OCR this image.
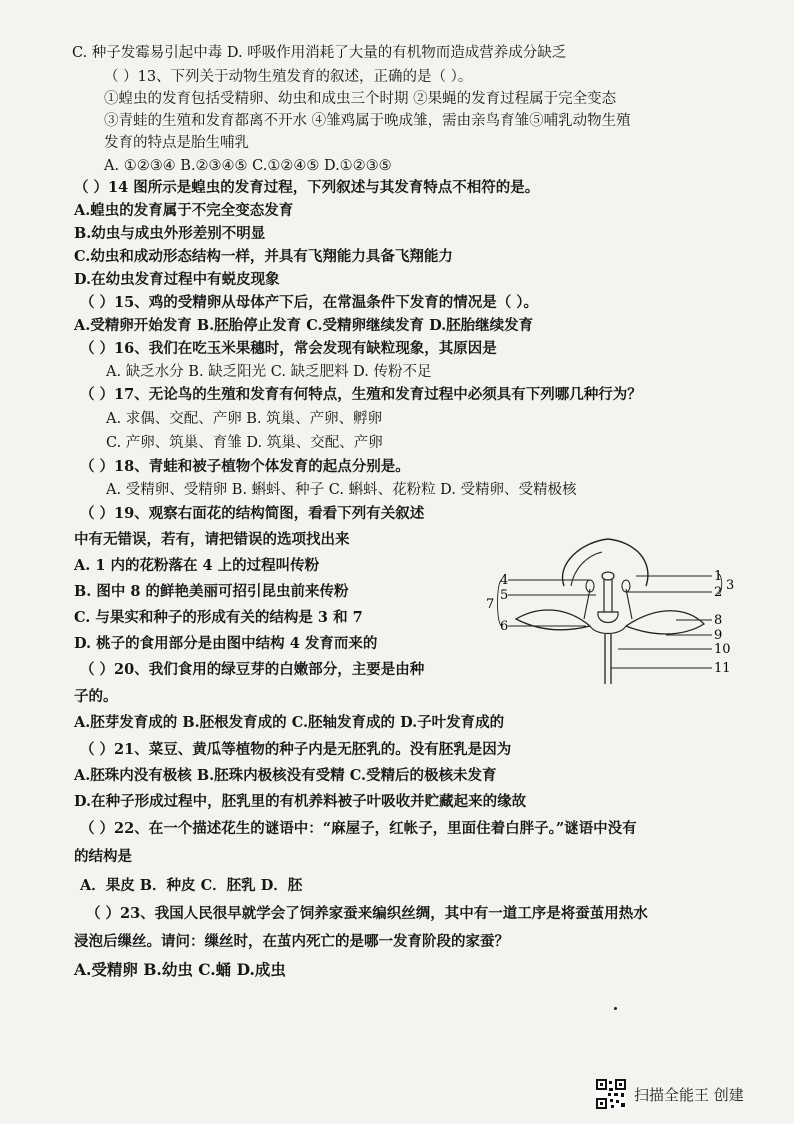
C. 种子发霉易引起中毒 D. 呼吸作用消耗了大量的有机物而造成营养成分缺乏
（ ）13、下列关于动物生殖发育的叙述，正确的是（ ）。
①蝗虫的发育包括受精卵、幼虫和成虫三个时期 ②果蝇的发育过程属于完全变态
③青蛙的生殖和发育都离不开水 ④雏鸡属于晚成雏，需由亲鸟育雏⑤哺乳动物生殖
发育的特点是胎生哺乳
A. ①②③④ B.②③④⑤ C.①②④⑤ D.①②③⑤
（ ）14 图所示是蝗虫的发育过程，下列叙述与其发育特点不相符的是。
A.蝗虫的发育属于不完全变态发育
B.幼虫与成虫外形差别不明显
C.幼虫和成动形态结构一样，并具有飞翔能力具备飞翔能力
D.在幼虫发育过程中有蜕皮现象
（ ）15、鸡的受精卵从母体产下后，在常温条件下发育的情况是（ ）。
A.受精卵开始发育 B.胚胎停止发育 C.受精卵继续发育 D.胚胎继续发育
（ ）16、我们在吃玉米果穗时，常会发现有缺粒现象，其原因是
A. 缺乏水分 B. 缺乏阳光 C. 缺乏肥料 D. 传粉不足
（ ）17、无论鸟的生殖和发育有何特点，生殖和发育过程中必须具有下列哪几种行为？
A. 求偶、交配、产卵 B. 筑巢、产卵、孵卵
C. 产卵、筑巢、育雏 D. 筑巢、交配、产卵
（ ）18、青蛙和被子植物个体发育的起点分别是。
A. 受精卵、受精卵 B. 蝌蚪、种子 C. 蝌蚪、花粉粒 D. 受精卵、受精极核
（ ）19、观察右面花的结构简图，看看下列有关叙述
中有无错误，若有，请把错误的选项找出来
A. 1 内的花粉落在 4 上的过程叫传粉
B. 图中 8 的鲜艳美丽可招引昆虫前来传粉
C. 与果实和种子的形成有关的结构是 3 和 7
D. 桃子的食用部分是由图中结构 4 发育而来的
（ ）20、我们食用的绿豆芽的白嫩部分，主要是由种
子的。
A.胚芽发育成的 B.胚根发育成的 C.胚轴发育成的 D.子叶发育成的
（ ）21、菜豆、黄瓜等植物的种子内是无胚乳的。没有胚乳是因为
A.胚珠内没有极核 B.胚珠内极核没有受精 C.受精后的极核未发育
D.在种子形成过程中，胚乳里的有机养料被子叶吸收并贮藏起来的缘故
（ ）22、在一个描述花生的谜语中：“麻屋子，红帐子，里面住着白胖子。”谜语中没有
的结构是
A．果皮 B．种皮 C．胚乳 D．胚
（ ）23、我国人民很早就学会了饲养家蚕来编织丝绸，其中有一道工序是将蚕茧用热水
浸泡后缫丝。请问：缫丝时，在茧内死亡的是哪一发育阶段的家蚕？
A.受精卵 B.幼虫 C.蛹 D.成虫
4
5
6
7
1
2 3
8
9
10
11
扫描全能王 创建
